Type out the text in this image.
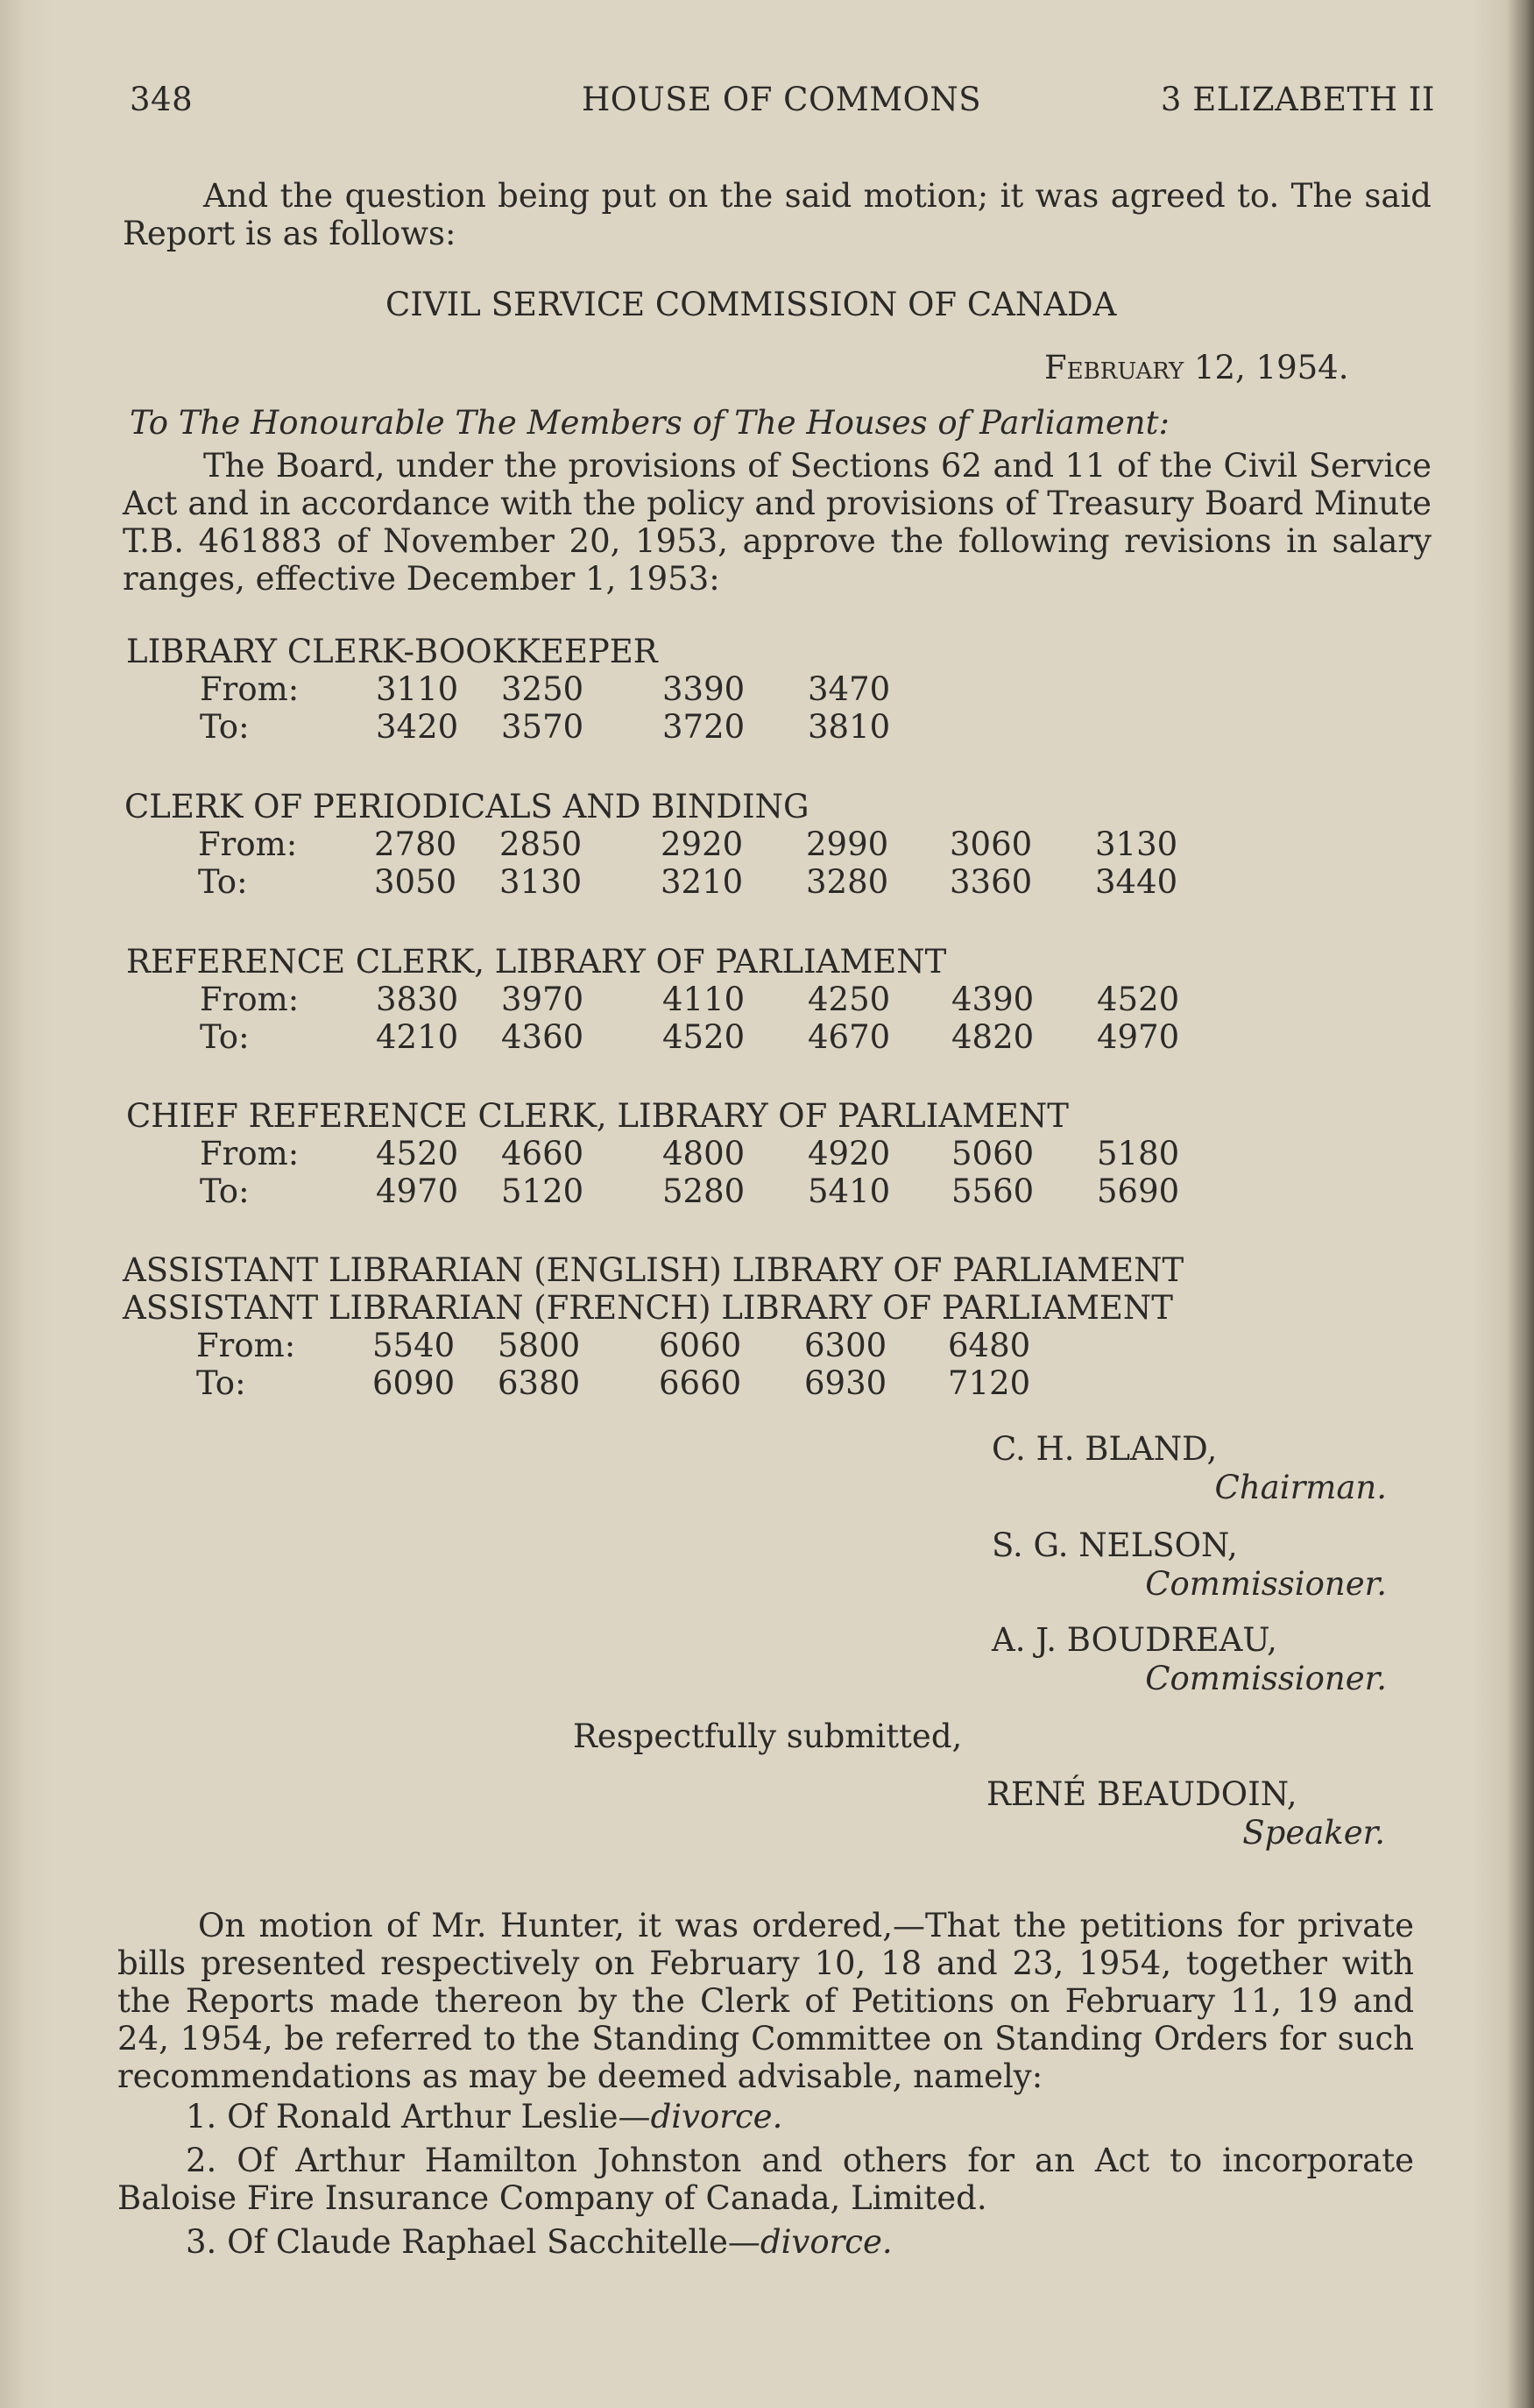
348	HOUSE OF COMMONS	3 ELIZABETH II

And the question being put on the said motion; it was agreed to. The said Report is as follows:

CIVIL SERVICE COMMISSION OF CANADA
February 12, 1954.
To The Honourable The Members of The Houses of Parliament:

The Board, under the provisions of Sections 62 and 11 of the Civil Service Act and in accordance with the policy and provisions of Treasury Board Minute T.B. 461883 of November 20, 1953, approve the following revisions in salary ranges, effective December 1, 1953:

LIBRARY CLERK-BOOKKEEPER
From: 3110 3250 3390 3470
To:	3420 3570 3720 3810
CLERK OF PERIODICALS AND BINDING
From: 2780 2850 2920 2990 3060 3130
To:	3050 3130 3210 3280 3360 3440
REFERENCE CLERK, LIBRARY OF PARLIAMENT
From: 3830 3970 4110 4250 4390 4520
To:	4210 4360 4520 4670 4820 4970
CHIEF REFERENCE CLERK, LIBRARY OF PARLIAMENT
From: 4520 4660 4800 4920 5060 5180
To:	4970 5120 5280 5410 5560 5690
ASSISTANT LIBRARIAN (ENGLISH) LIBRARY OF PARLIAMENT
ASSISTANT LIBRARIAN (FRENCH) LIBRARY OF PARLIAMENT
From: 5540 5800 6060 6300 6480
To:	6090 6380 6660 6930 7120
C. H. BLAND,
Chairman.
S. G. NELSON,
Commissioner.
A. J. BOUDREAU,
Commissioner.
Respectfully submitted,
RENÉ BEAUDOIN,
Speaker.

On motion of Mr. Hunter, it was ordered,—That the petitions for private bills presented respectively on February 10, 18 and 23, 1954, together with the Reports made thereon by the Clerk of Petitions on February 11, 19 and 24, 1954, be referred to the Standing Committee on Standing Orders for such recommendations as may be deemed advisable, namely:

1. Of Ronald Arthur Leslie—divorce.

2. Of Arthur Hamilton Johnston and others for an Act to incorporate Baloise Fire Insurance Company of Canada, Limited.

3. Of Claude Raphael Sacchitelle—divorce.
